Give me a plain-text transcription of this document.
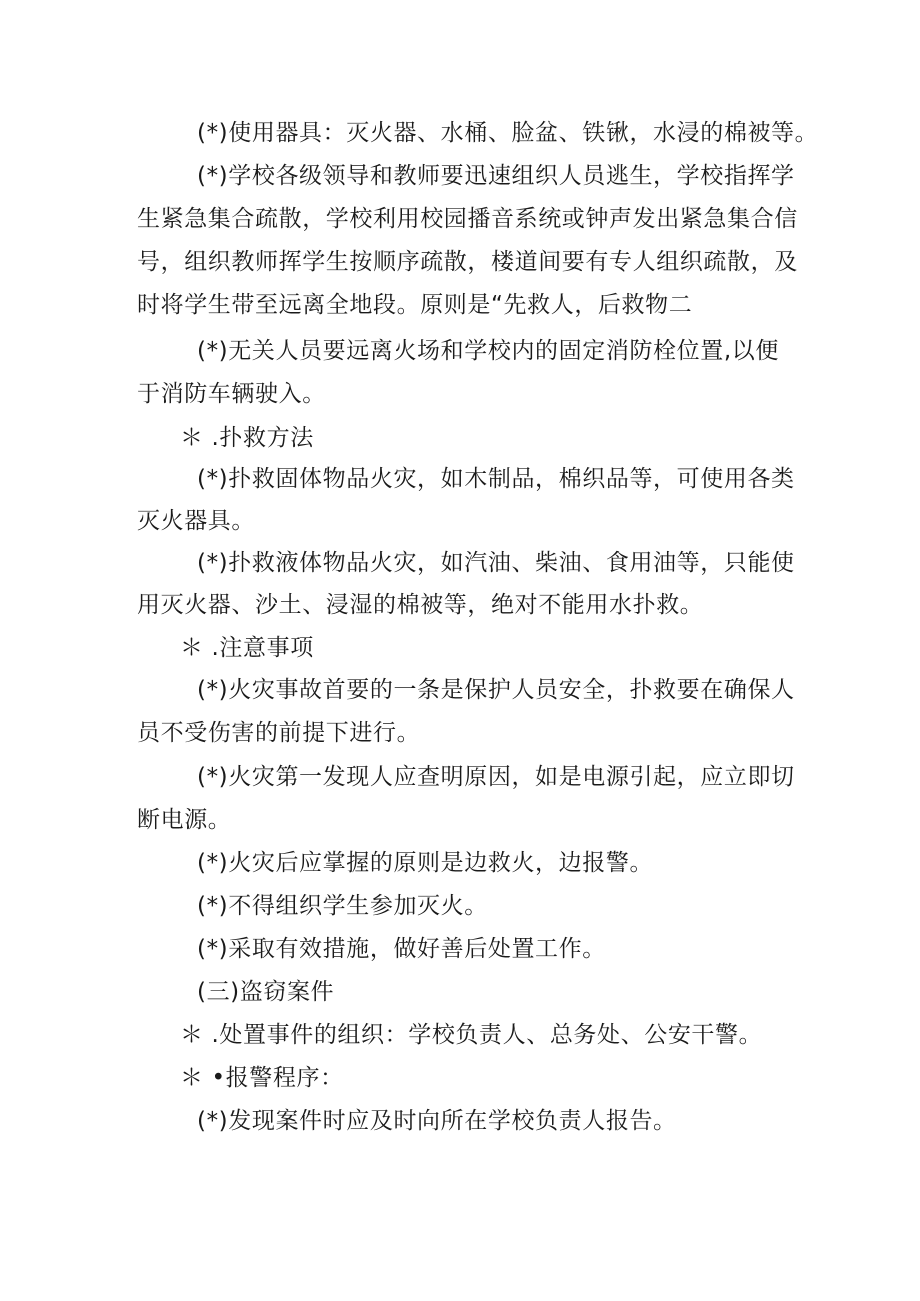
(*)使用器具：灭火器、水桶、脸盆、铁锹，水浸的棉被等。
(*)学校各级领导和教师要迅速组织人员逃生，学校指挥学
生紧急集合疏散，学校利用校园播音系统或钟声发出紧急集合信
号，组织教师挥学生按顺序疏散，楼道间要有专人组织疏散，及
时将学生带至远离全地段。原则是“先救人，后救物二
(*)无关人员要远离火场和学校内的固定消防栓位置,以便
于消防车辆驶入。
＊ .扑救方法
(*)扑救固体物品火灾，如木制品，棉织品等，可使用各类
灭火器具。
(*)扑救液体物品火灾，如汽油、柴油、食用油等，只能使
用灭火器、沙土、浸湿的棉被等，绝对不能用水扑救。
＊ .注意事项
(*)火灾事故首要的一条是保护人员安全，扑救要在确保人
员不受伤害的前提下进行。
(*)火灾第一发现人应查明原因，如是电源引起，应立即切
断电源。
(*)火灾后应掌握的原则是边救火，边报警。
(*)不得组织学生参加灭火。
(*)采取有效措施，做好善后处置工作。
(三)盗窃案件
＊ .处置事件的组织：学校负责人、总务处、公安干警。
＊ •报警程序：
(*)发现案件时应及时向所在学校负责人报告。
